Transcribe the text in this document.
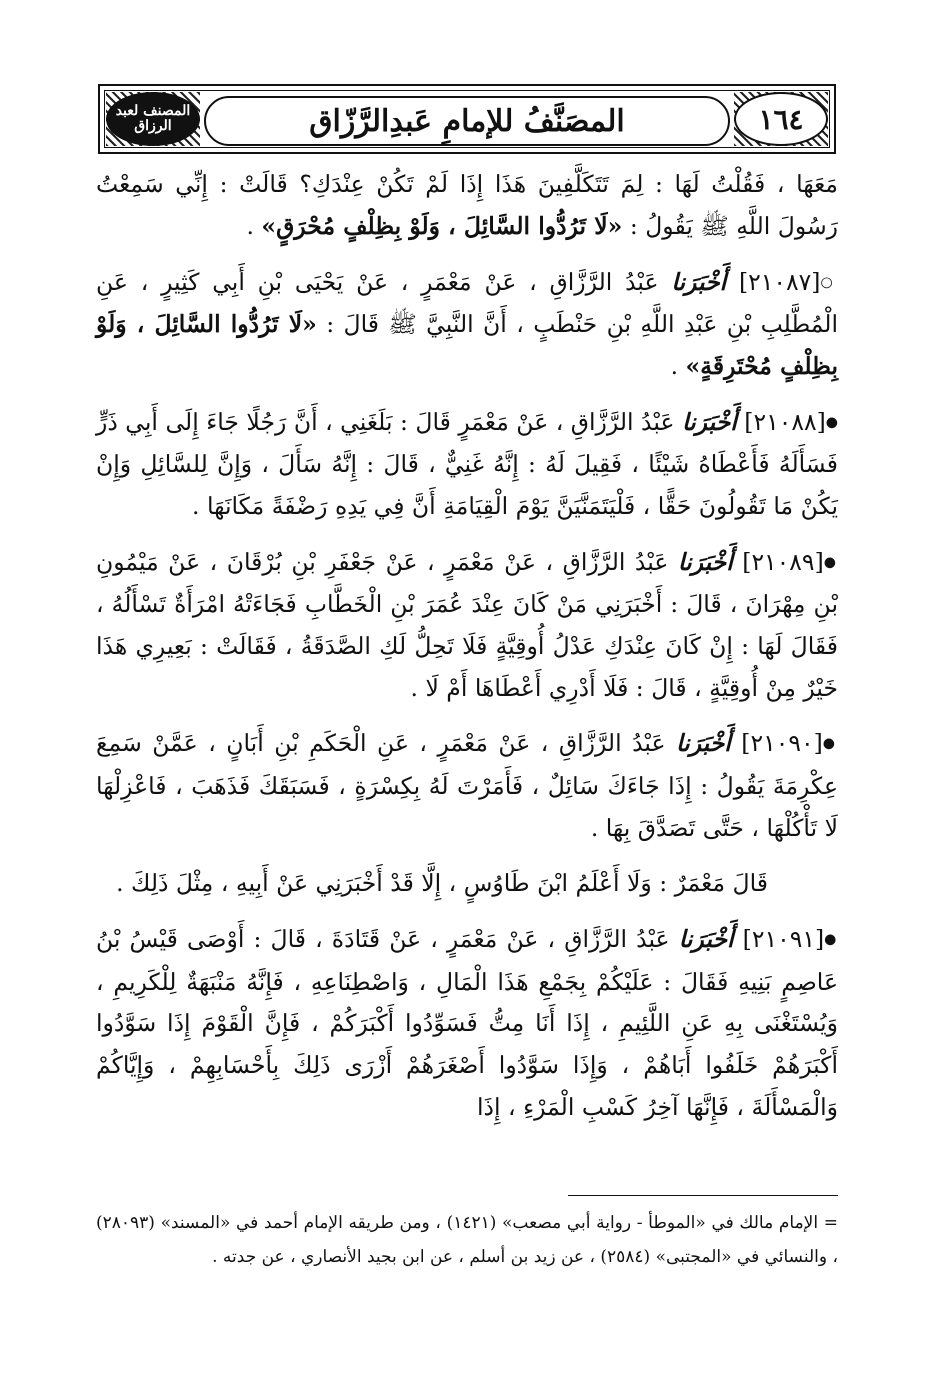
المصَنَّفُ للإمامِ عَبدِالرَّزّاق	١٦٤
المصنف لعبد الرزاق

مَعَهَا ، فَقُلْتُ لَهَا : لِمَ تَتَكَلَّفِينَ هَذَا إِذَا لَمْ تَكُنْ عِنْدَكِ؟ قَالَتْ : إِنِّي سَمِعْتُ رَسُولَ اللَّهِ ﷺ يَقُولُ : «لَا تَرُدُّوا السَّائِلَ ، وَلَوْ بِظِلْفٍ مُحْرَقٍ» .

○[٢١٠٨٧] أَخْبَرَنا عَبْدُ الرَّزَّاقِ ، عَنْ مَعْمَرٍ ، عَنْ يَحْيَى بْنِ أَبِي كَثِيرٍ ، عَنِ الْمُطَّلِبِ بْنِ عَبْدِ اللَّهِ بْنِ حَنْطَبٍ ، أَنَّ النَّبِيَّ ﷺ قَالَ : «لَا تَرُدُّوا السَّائِلَ ، وَلَوْ بِظِلْفٍ مُحْتَرِقَةٍ» .

●[٢١٠٨٨] أَخْبَرَنا عَبْدُ الرَّزَّاقِ ، عَنْ مَعْمَرٍ قَالَ : بَلَغَنِي ، أَنَّ رَجُلًا جَاءَ إِلَى أَبِي ذَرٍّ فَسَأَلَهُ فَأَعْطَاهُ شَيْئًا ، فَقِيلَ لَهُ : إِنَّهُ غَنِيٌّ ، قَالَ : إِنَّهُ سَأَلَ ، وَإِنَّ لِلسَّائِلِ وَإِنْ يَكُنْ مَا تَقُولُونَ حَقًّا ، فَلْيَتَمَنَّيَنَّ يَوْمَ الْقِيَامَةِ أَنَّ فِي يَدِهِ رَضْفَةً مَكَانَهَا .

●[٢١٠٨٩] أَخْبَرَنا عَبْدُ الرَّزَّاقِ ، عَنْ مَعْمَرٍ ، عَنْ جَعْفَرِ بْنِ بُرْقَانَ ، عَنْ مَيْمُونِ بْنِ مِهْرَانَ ، قَالَ : أَخْبَرَنِي مَنْ كَانَ عِنْدَ عُمَرَ بْنِ الْخَطَّابِ فَجَاءَتْهُ امْرَأَةٌ تَسْأَلُهُ ، فَقَالَ لَهَا : إِنْ كَانَ عِنْدَكِ عَدْلُ أُوقِيَّةٍ فَلَا تَحِلُّ لَكِ الصَّدَقَةُ ، فَقَالَتْ : بَعِيرِي هَذَا خَيْرٌ مِنْ أُوقِيَّةٍ ، قَالَ : فَلَا أَدْرِي أَعْطَاهَا أَمْ لَا .

●[٢١٠٩٠] أَخْبَرَنا عَبْدُ الرَّزَّاقِ ، عَنْ مَعْمَرٍ ، عَنِ الْحَكَمِ بْنِ أَبَانٍ ، عَمَّنْ سَمِعَ عِكْرِمَةَ يَقُولُ : إِذَا جَاءَكَ سَائِلٌ ، فَأَمَرْتَ لَهُ بِكِسْرَةٍ ، فَسَبَقَكَ فَذَهَبَ ، فَاعْزِلْهَا لَا تَأْكُلْهَا ، حَتَّى تَصَدَّقَ بِهَا .

قَالَ مَعْمَرٌ : وَلَا أَعْلَمُ ابْنَ طَاوُسٍ ، إِلَّا قَدْ أَخْبَرَنِي عَنْ أَبِيهِ ، مِثْلَ ذَلِكَ .

●[٢١٠٩١] أَخْبَرَنا عَبْدُ الرَّزَّاقِ ، عَنْ مَعْمَرٍ ، عَنْ قَتَادَةَ ، قَالَ : أَوْصَى قَيْسُ بْنُ عَاصِمٍ بَنِيهِ فَقَالَ : عَلَيْكُمْ بِجَمْعِ هَذَا الْمَالِ ، وَاصْطِنَاعِهِ ، فَإِنَّهُ مَنْبَهَةٌ لِلْكَرِيمِ ، وَيُسْتَغْنَى بِهِ عَنِ اللَّئِيمِ ، إِذَا أَنَا مِتُّ فَسَوِّدُوا أَكْبَرَكُمْ ، فَإِنَّ الْقَوْمَ إِذَا سَوَّدُوا أَكْبَرَهُمْ خَلَفُوا أَبَاهُمْ ، وَإِذَا سَوَّدُوا أَصْغَرَهُمْ أَزْرَى ذَلِكَ بِأَحْسَابِهِمْ ، وَإِيَّاكُمْ وَالْمَسْأَلَةَ ، فَإِنَّهَا آخِرُ كَسْبِ الْمَرْءِ ، إِذَا

= الإمام مالك في «الموطأ - رواية أبي مصعب» (١٤٢١) ، ومن طريقه الإمام أحمد في «المسند» (٢٨٠٩٣) ، والنسائي في «المجتبى» (٢٥٨٤) ، عن زيد بن أسلم ، عن ابن بجيد الأنصاري ، عن جدته .
